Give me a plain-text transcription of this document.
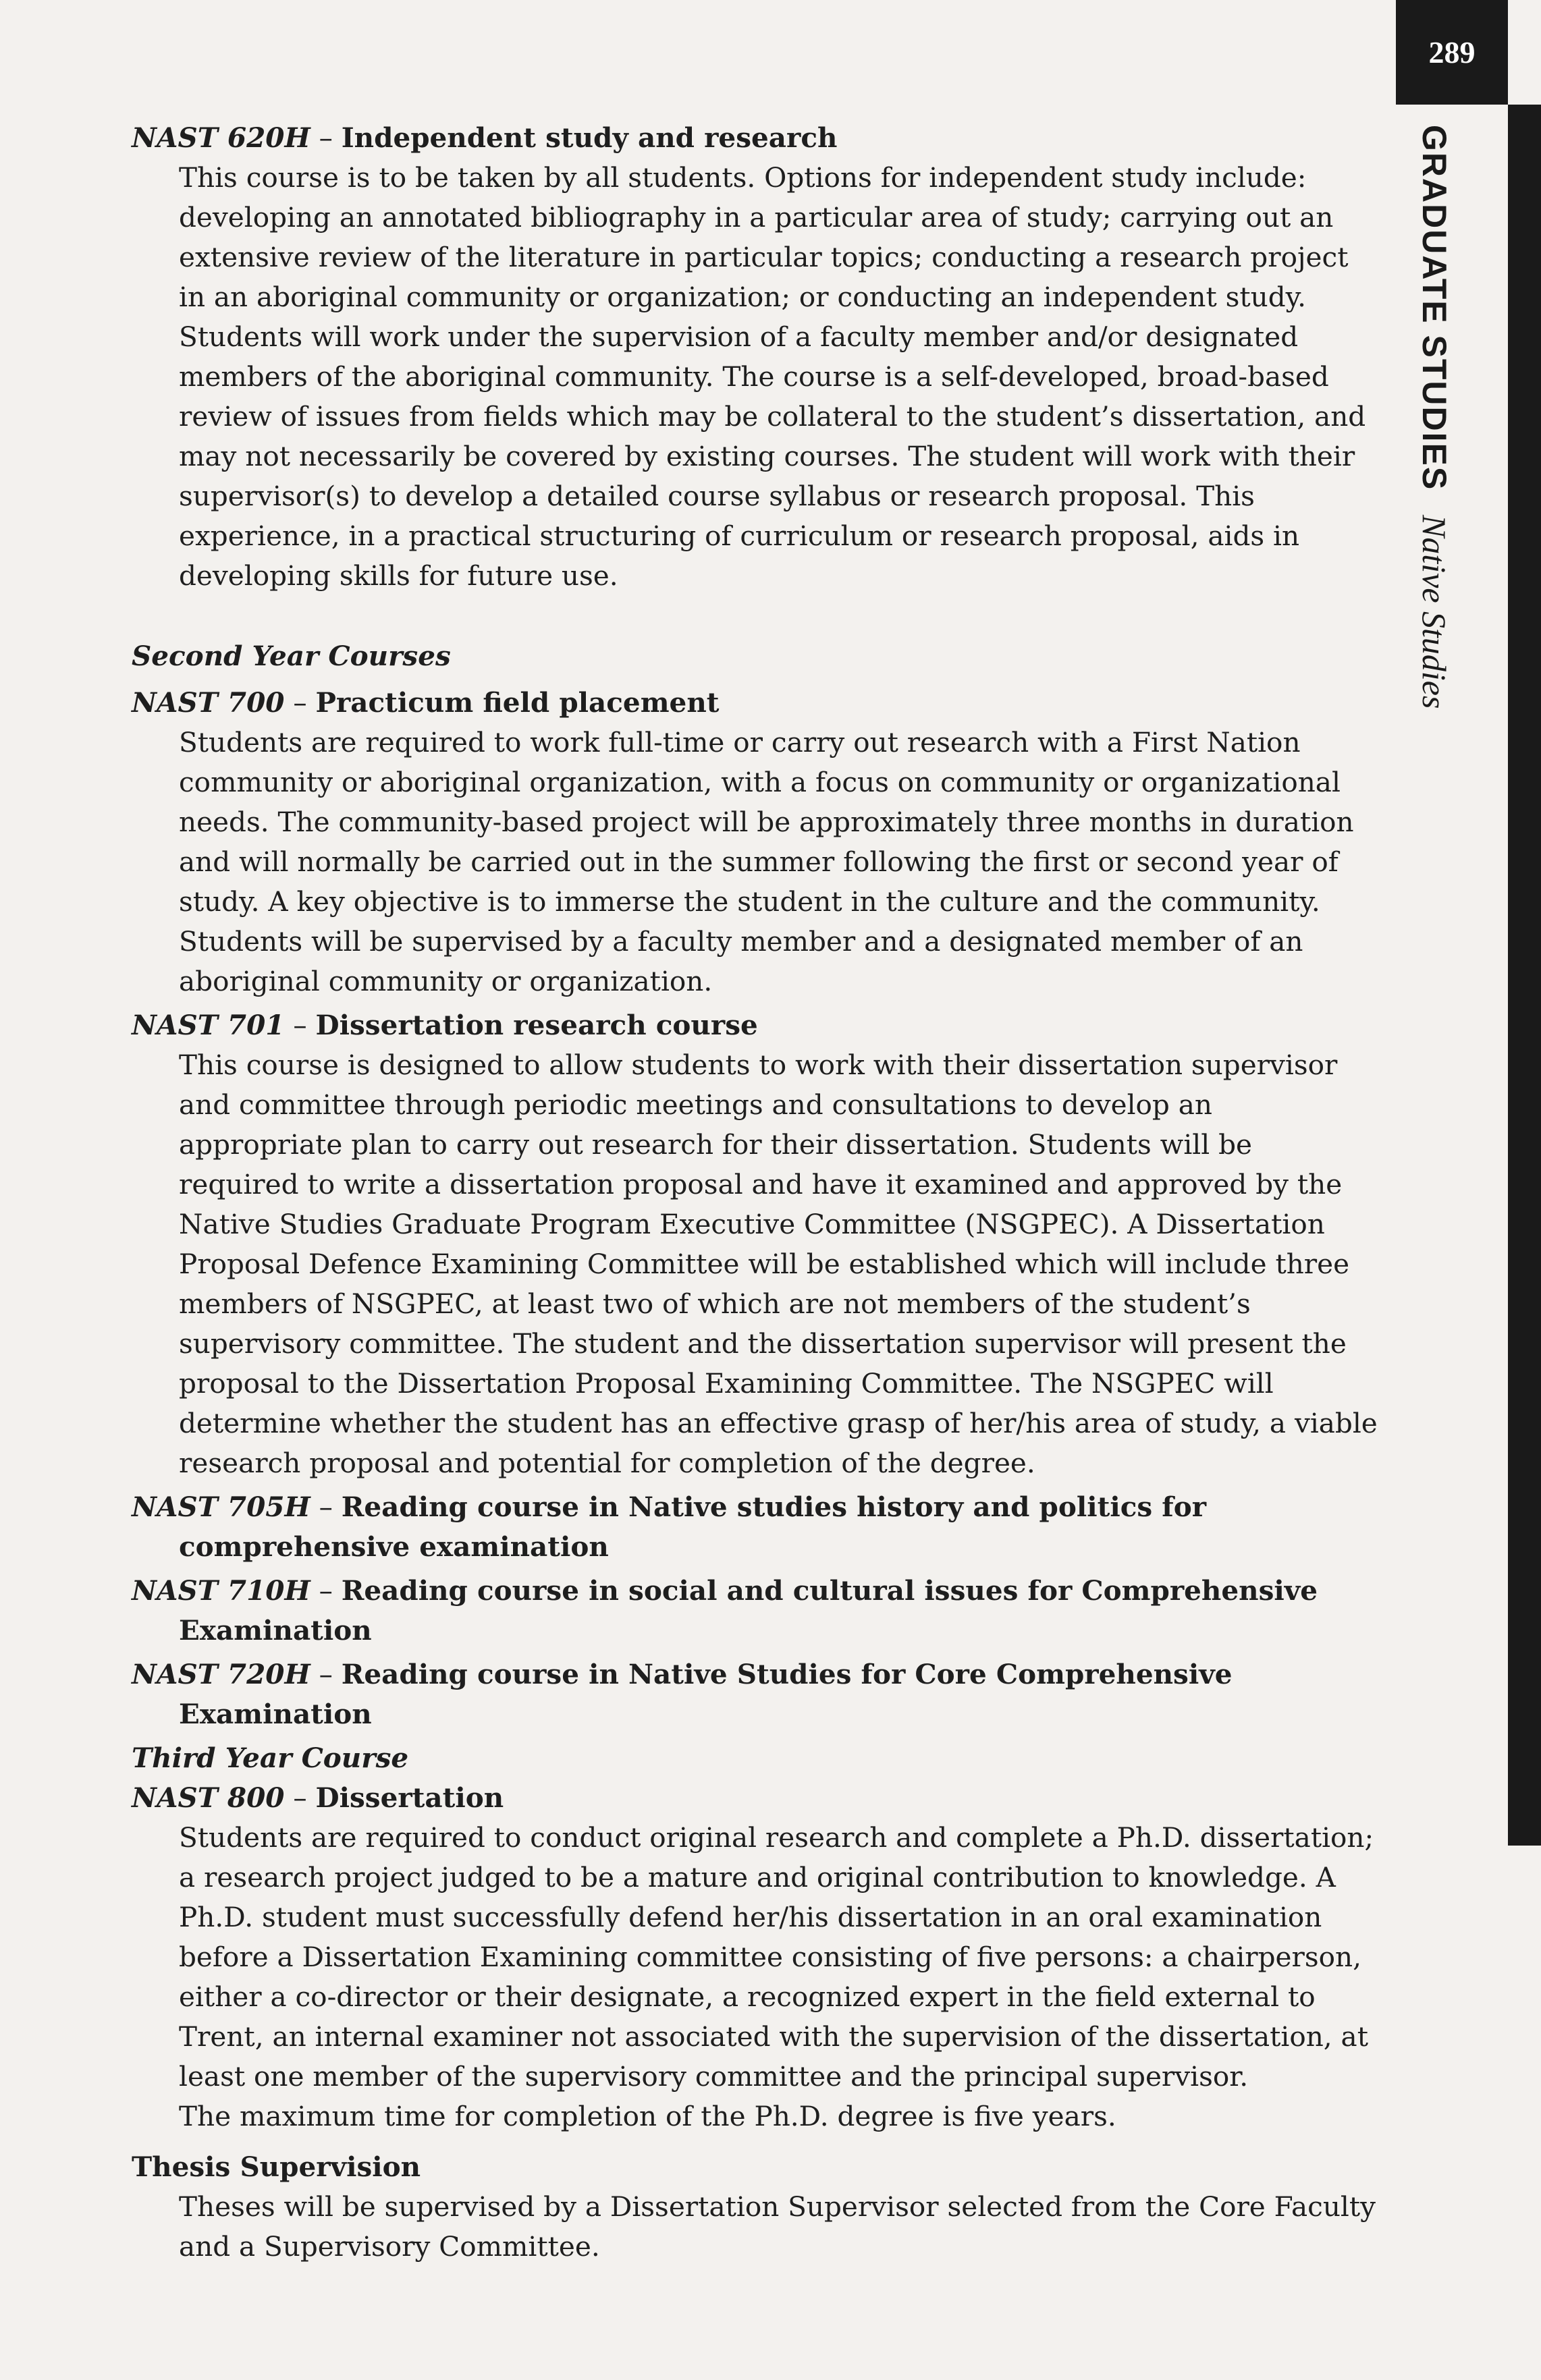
289
GRADUATE STUDIESNative Studies
NAST 620H – Independent study and research
This course is to be taken by all students. Options for independent study include: developing an annotated bibliography in a particular area of study; carrying out an extensive review of the literature in particular topics; conducting a research project in an aboriginal community or organization; or conducting an independent study. Students will work under the supervision of a faculty member and/or designated members of the aboriginal community. The course is a self-developed, broad-based review of issues from fields which may be collateral to the student’s dissertation, and may not necessarily be covered by existing courses. The student will work with their supervisor(s) to develop a detailed course syllabus or research proposal. This experience, in a practical structuring of curriculum or research proposal, aids in developing skills for future use.
Second Year Courses
NAST 700 – Practicum field placement
Students are required to work full-time or carry out research with a First Nation community or aboriginal organization, with a focus on community or organizational needs. The community-based project will be approximately three months in duration and will normally be carried out in the summer following the first or second year of study. A key objective is to immerse the student in the culture and the community. Students will be supervised by a faculty member and a designated member of an aboriginal community or organization.
NAST 701 – Dissertation research course
This course is designed to allow students to work with their dissertation supervisor and committee through periodic meetings and consultations to develop an appropriate plan to carry out research for their dissertation. Students will be required to write a dissertation proposal and have it examined and approved by the Native Studies Graduate Program Executive Committee (NSGPEC). A Dissertation Proposal Defence Examining Committee will be established which will include three members of NSGPEC, at least two of which are not members of the student’s supervisory committee. The student and the dissertation supervisor will present the proposal to the Dissertation Proposal Examining Committee. The NSGPEC will determine whether the student has an effective grasp of her/his area of study, a viable research proposal and potential for completion of the degree.
NAST 705H – Reading course in Native studies history and politics for comprehensive examination
NAST 710H – Reading course in social and cultural issues for Comprehensive Examination
NAST 720H – Reading course in Native Studies for Core Comprehensive Examination
Third Year Course
NAST 800 – Dissertation
Students are required to conduct original research and complete a Ph.D. dissertation; a research project judged to be a mature and original contribution to knowledge. A Ph.D. student must successfully defend her/his dissertation in an oral examination before a Dissertation Examining committee consisting of five persons: a chairperson, either a co-director or their designate, a recognized expert in the field external to Trent, an internal examiner not associated with the supervision of the dissertation, at least one member of the supervisory committee and the principal supervisor.
The maximum time for completion of the Ph.D. degree is five years.
Thesis Supervision
Theses will be supervised by a Dissertation Supervisor selected from the Core Faculty and a Supervisory Committee.
